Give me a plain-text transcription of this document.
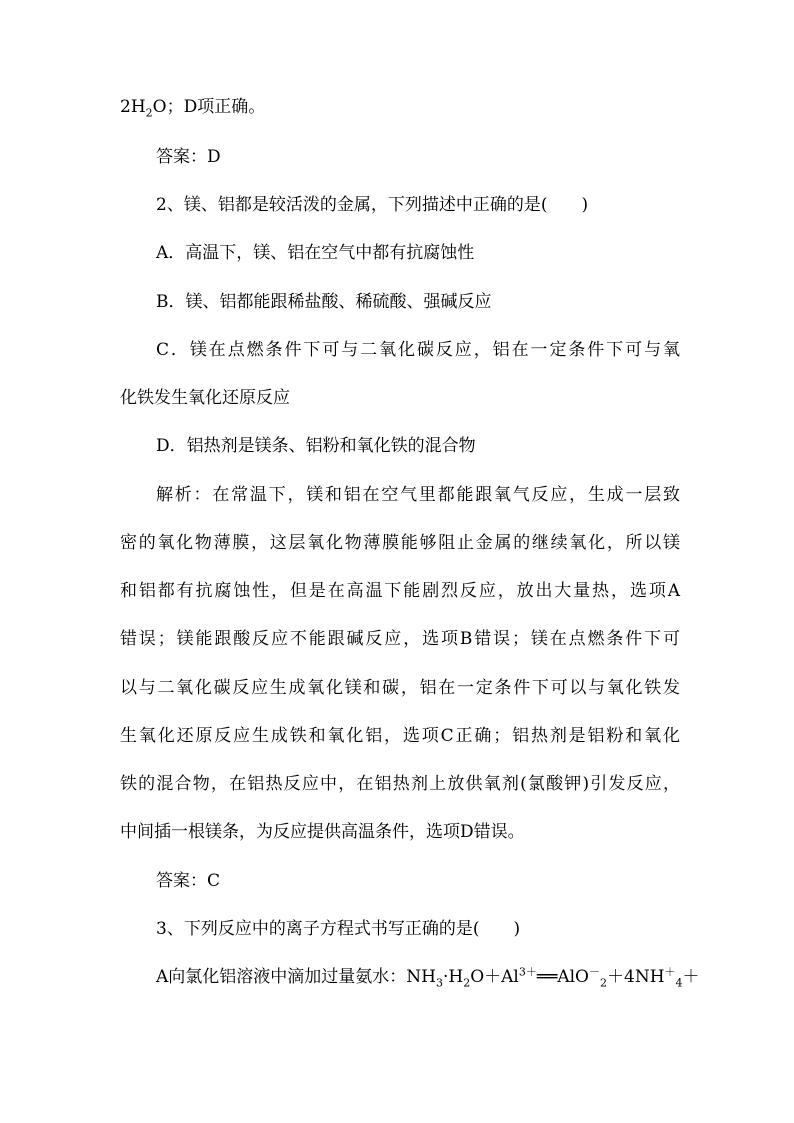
$2H_2O$；D项正确。
答案：D
2、镁、铝都是较活泼的金属，下列描述中正确的是(　　)
A．高温下，镁、铝在空气中都有抗腐蚀性
B．镁、铝都能跟稀盐酸、稀硫酸、强碱反应
C．镁在点燃条件下可与二氧化碳反应，铝在一定条件下可与氧
化铁发生氧化还原反应
D．铝热剂是镁条、铝粉和氧化铁的混合物
解析：在常温下，镁和铝在空气里都能跟氧气反应，生成一层致
密的氧化物薄膜，这层氧化物薄膜能够阻止金属的继续氧化，所以镁
和铝都有抗腐蚀性，但是在高温下能剧烈反应，放出大量热，选项A
错误；镁能跟酸反应不能跟碱反应，选项B错误；镁在点燃条件下可
以与二氧化碳反应生成氧化镁和碳，铝在一定条件下可以与氧化铁发
生氧化还原反应生成铁和氧化铝，选项C正确；铝热剂是铝粉和氧化
铁的混合物，在铝热反应中，在铝热剂上放供氧剂(氯酸钾)引发反应，
中间插一根镁条，为反应提供高温条件，选项D错误。
答案：C
3、下列反应中的离子方程式书写正确的是(　　)
A向氯化铝溶液中滴加过量氨水：$NH_3\cdot H_2O+Al^{3+}══AlO^-_2+4NH^+_4+$
